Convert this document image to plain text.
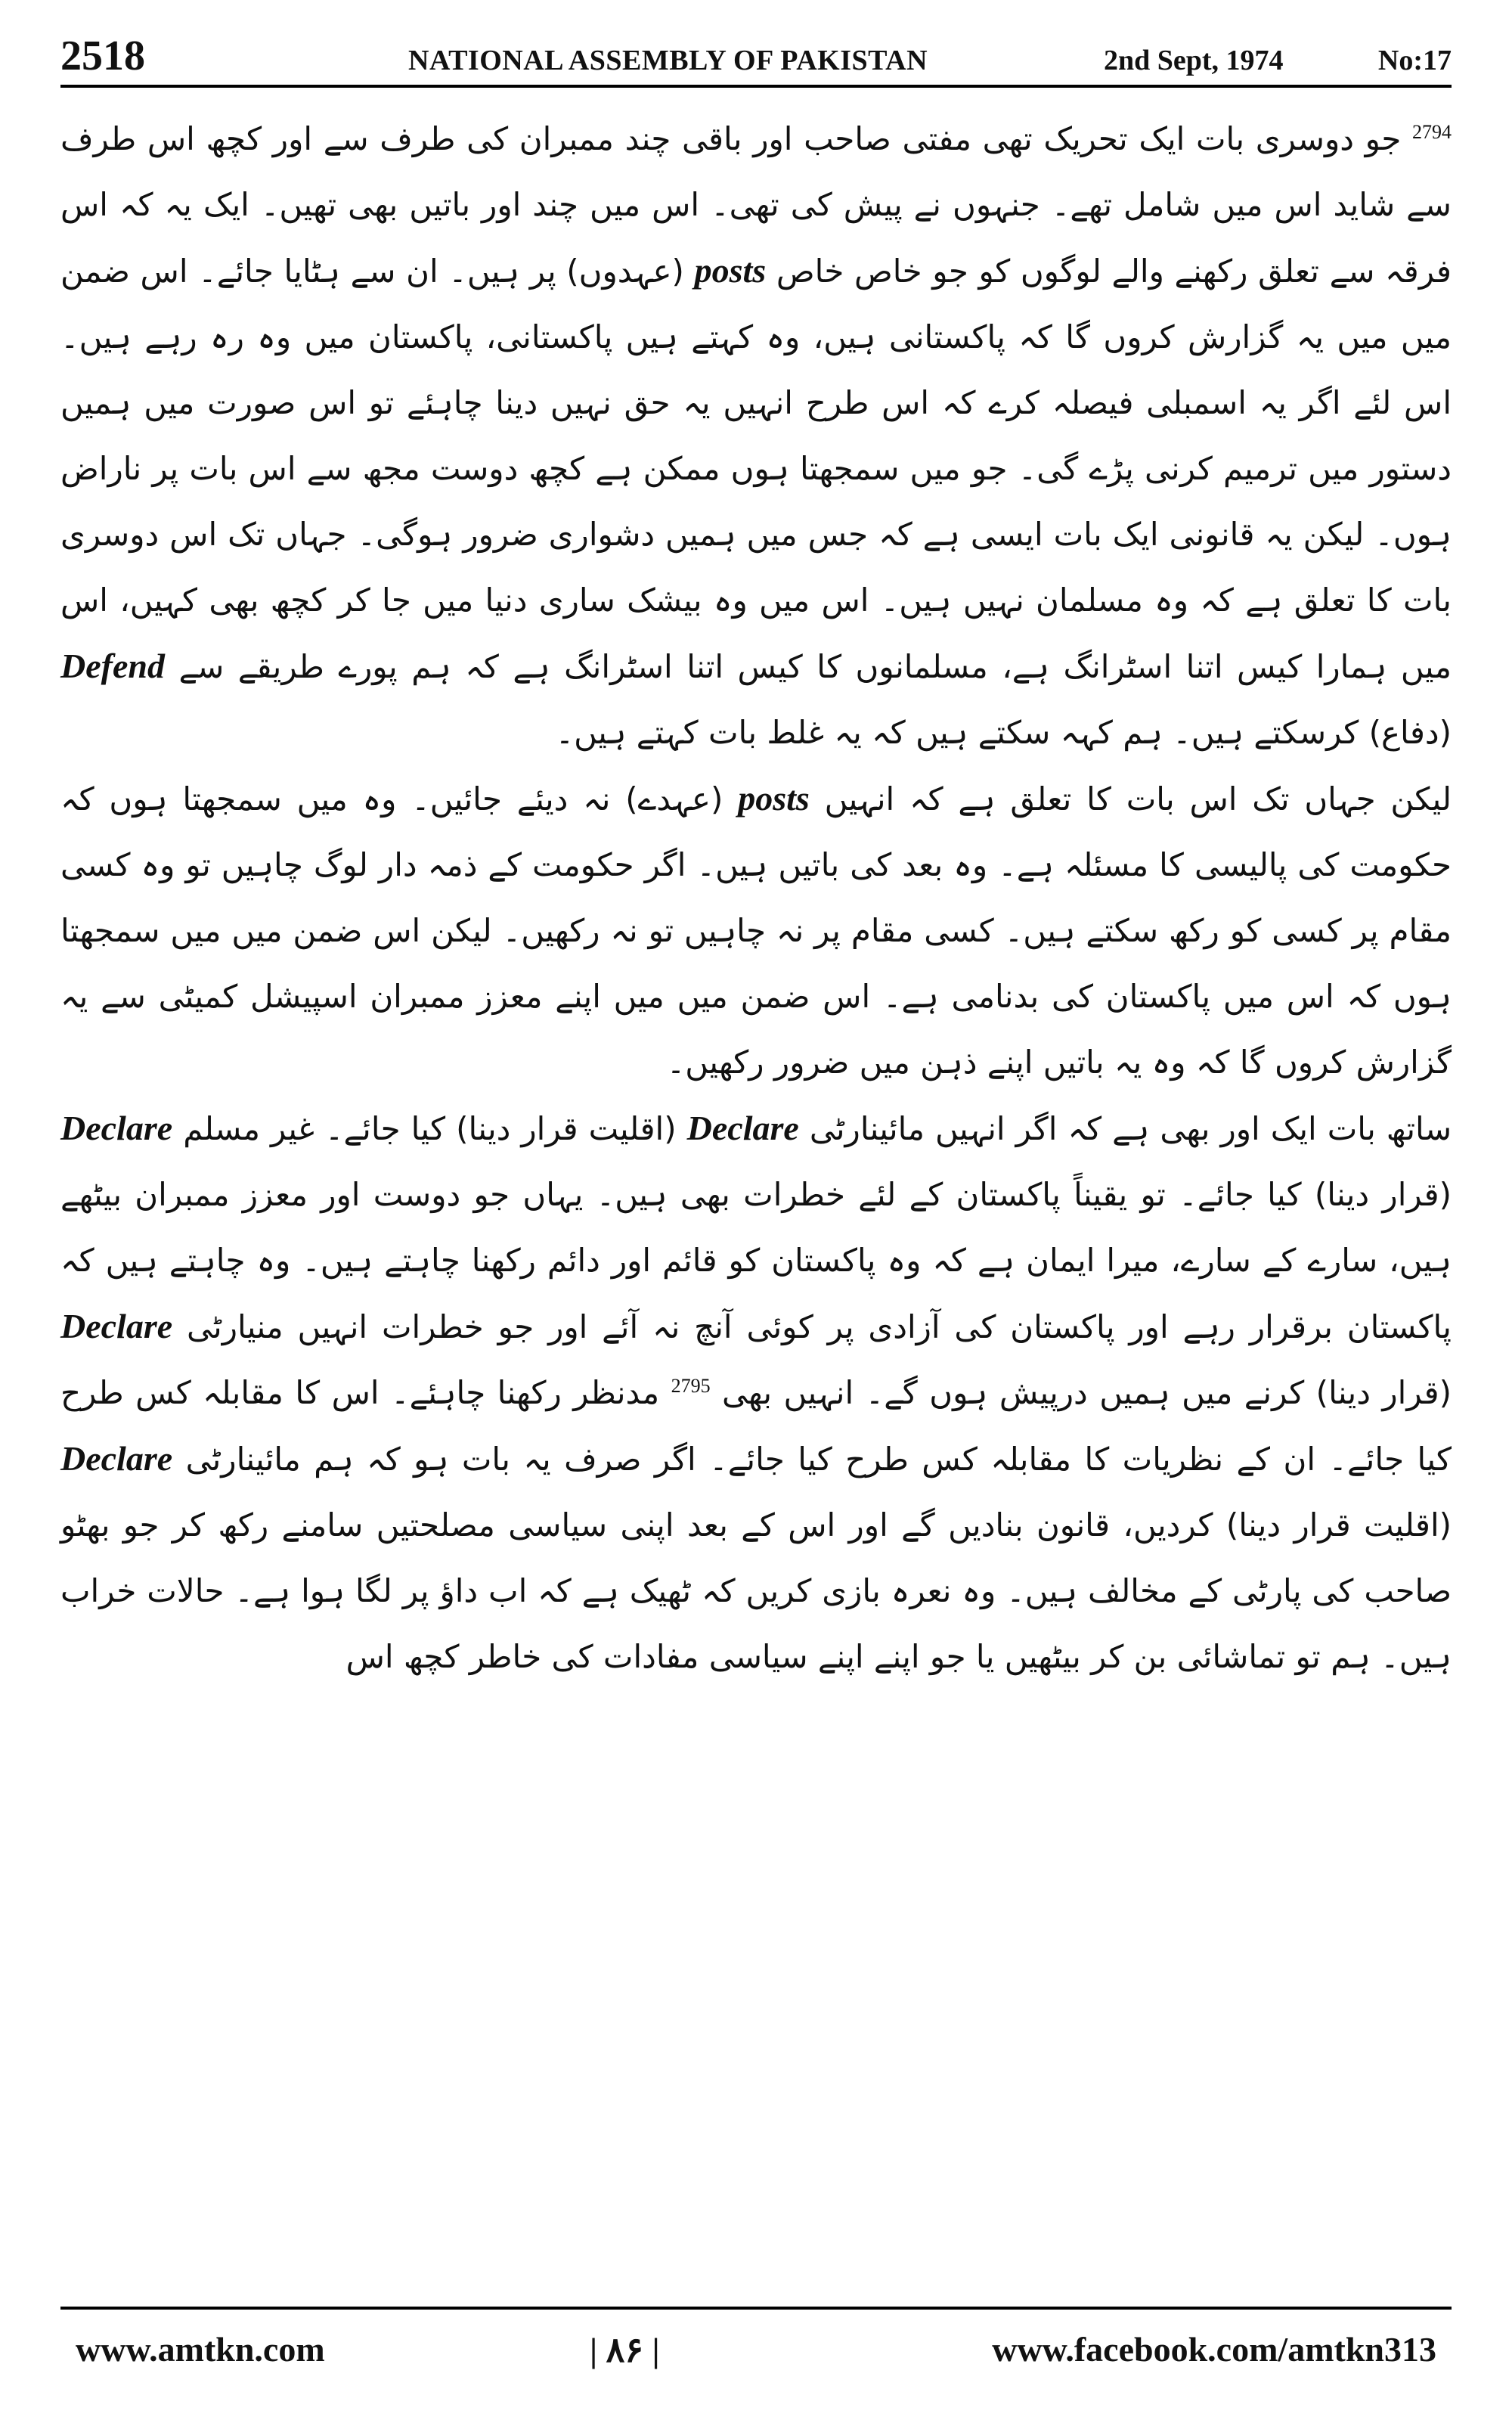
2518	NATIONAL ASSEMBLY OF PAKISTAN	2nd Sept, 1974	No:17

$^{2794}$ جو دوسری بات ایک تحریک تھی مفتی صاحب اور باقی چند ممبران کی طرف سے اور کچھ اس طرف سے شاید اس میں شامل تھے۔ جنہوں نے پیش کی تھی۔ اس میں چند اور باتیں بھی تھیں۔ ایک یہ کہ اس فرقہ سے تعلق رکھنے والے لوگوں کو جو خاص خاص posts (عہدوں) پر ہیں۔ ان سے ہٹایا جائے۔ اس ضمن میں میں یہ گزارش کروں گا کہ پاکستانی ہیں، وہ کہتے ہیں پاکستانی، پاکستان میں وہ رہ رہے ہیں۔ اس لئے اگر یہ اسمبلی فیصلہ کرے کہ اس طرح انہیں یہ حق نہیں دینا چاہئے تو اس صورت میں ہمیں دستور میں ترمیم کرنی پڑے گی۔ جو میں سمجھتا ہوں ممکن ہے کچھ دوست مجھ سے اس بات پر ناراض ہوں۔ لیکن یہ قانونی ایک بات ایسی ہے کہ جس میں ہمیں دشواری ضرور ہوگی۔ جہاں تک اس دوسری بات کا تعلق ہے کہ وہ مسلمان نہیں ہیں۔ اس میں وہ بیشک ساری دنیا میں جا کر کچھ بھی کہیں، اس میں ہمارا کیس اتنا اسٹرانگ ہے، مسلمانوں کا کیس اتنا اسٹرانگ ہے کہ ہم پورے طریقے سے Defend (دفاع) کرسکتے ہیں۔ ہم کہہ سکتے ہیں کہ یہ غلط بات کہتے ہیں۔

لیکن جہاں تک اس بات کا تعلق ہے کہ انہیں posts (عہدے) نہ دیئے جائیں۔ وہ میں سمجھتا ہوں کہ حکومت کی پالیسی کا مسئلہ ہے۔ وہ بعد کی باتیں ہیں۔ اگر حکومت کے ذمہ دار لوگ چاہیں تو وہ کسی مقام پر کسی کو رکھ سکتے ہیں۔ کسی مقام پر نہ چاہیں تو نہ رکھیں۔ لیکن اس ضمن میں میں سمجھتا ہوں کہ اس میں پاکستان کی بدنامی ہے۔ اس ضمن میں میں اپنے معزز ممبران اسپیشل کمیٹی سے یہ گزارش کروں گا کہ وہ یہ باتیں اپنے ذہن میں ضرور رکھیں۔

ساتھ بات ایک اور بھی ہے کہ اگر انہیں مائینارٹی Declare (اقلیت قرار دینا) کیا جائے۔ غیر مسلم Declare (قرار دینا) کیا جائے۔ تو یقیناً پاکستان کے لئے خطرات بھی ہیں۔ یہاں جو دوست اور معزز ممبران بیٹھے ہیں، سارے کے سارے، میرا ایمان ہے کہ وہ پاکستان کو قائم اور دائم رکھنا چاہتے ہیں۔ وہ چاہتے ہیں کہ پاکستان برقرار رہے اور پاکستان کی آزادی پر کوئی آنچ نہ آئے اور جو خطرات انہیں منیارٹی Declare (قرار دینا) کرنے میں ہمیں درپیش ہوں گے۔ انہیں بھی $^{2795}$ مدنظر رکھنا چاہئے۔ اس کا مقابلہ کس طرح کیا جائے۔ ان کے نظریات کا مقابلہ کس طرح کیا جائے۔ اگر صرف یہ بات ہو کہ ہم مائینارٹی Declare (اقلیت قرار دینا) کردیں، قانون بنادیں گے اور اس کے بعد اپنی سیاسی مصلحتیں سامنے رکھ کر جو بھٹو صاحب کی پارٹی کے مخالف ہیں۔ وہ نعرہ بازی کریں کہ ٹھیک ہے کہ اب داؤ پر لگا ہوا ہے۔ حالات خراب ہیں۔ ہم تو تماشائی بن کر بیٹھیں یا جو اپنے اپنے سیاسی مفادات کی خاطر کچھ اس

www.amtkn.com	| ۸۶ |	www.facebook.com/amtkn313
